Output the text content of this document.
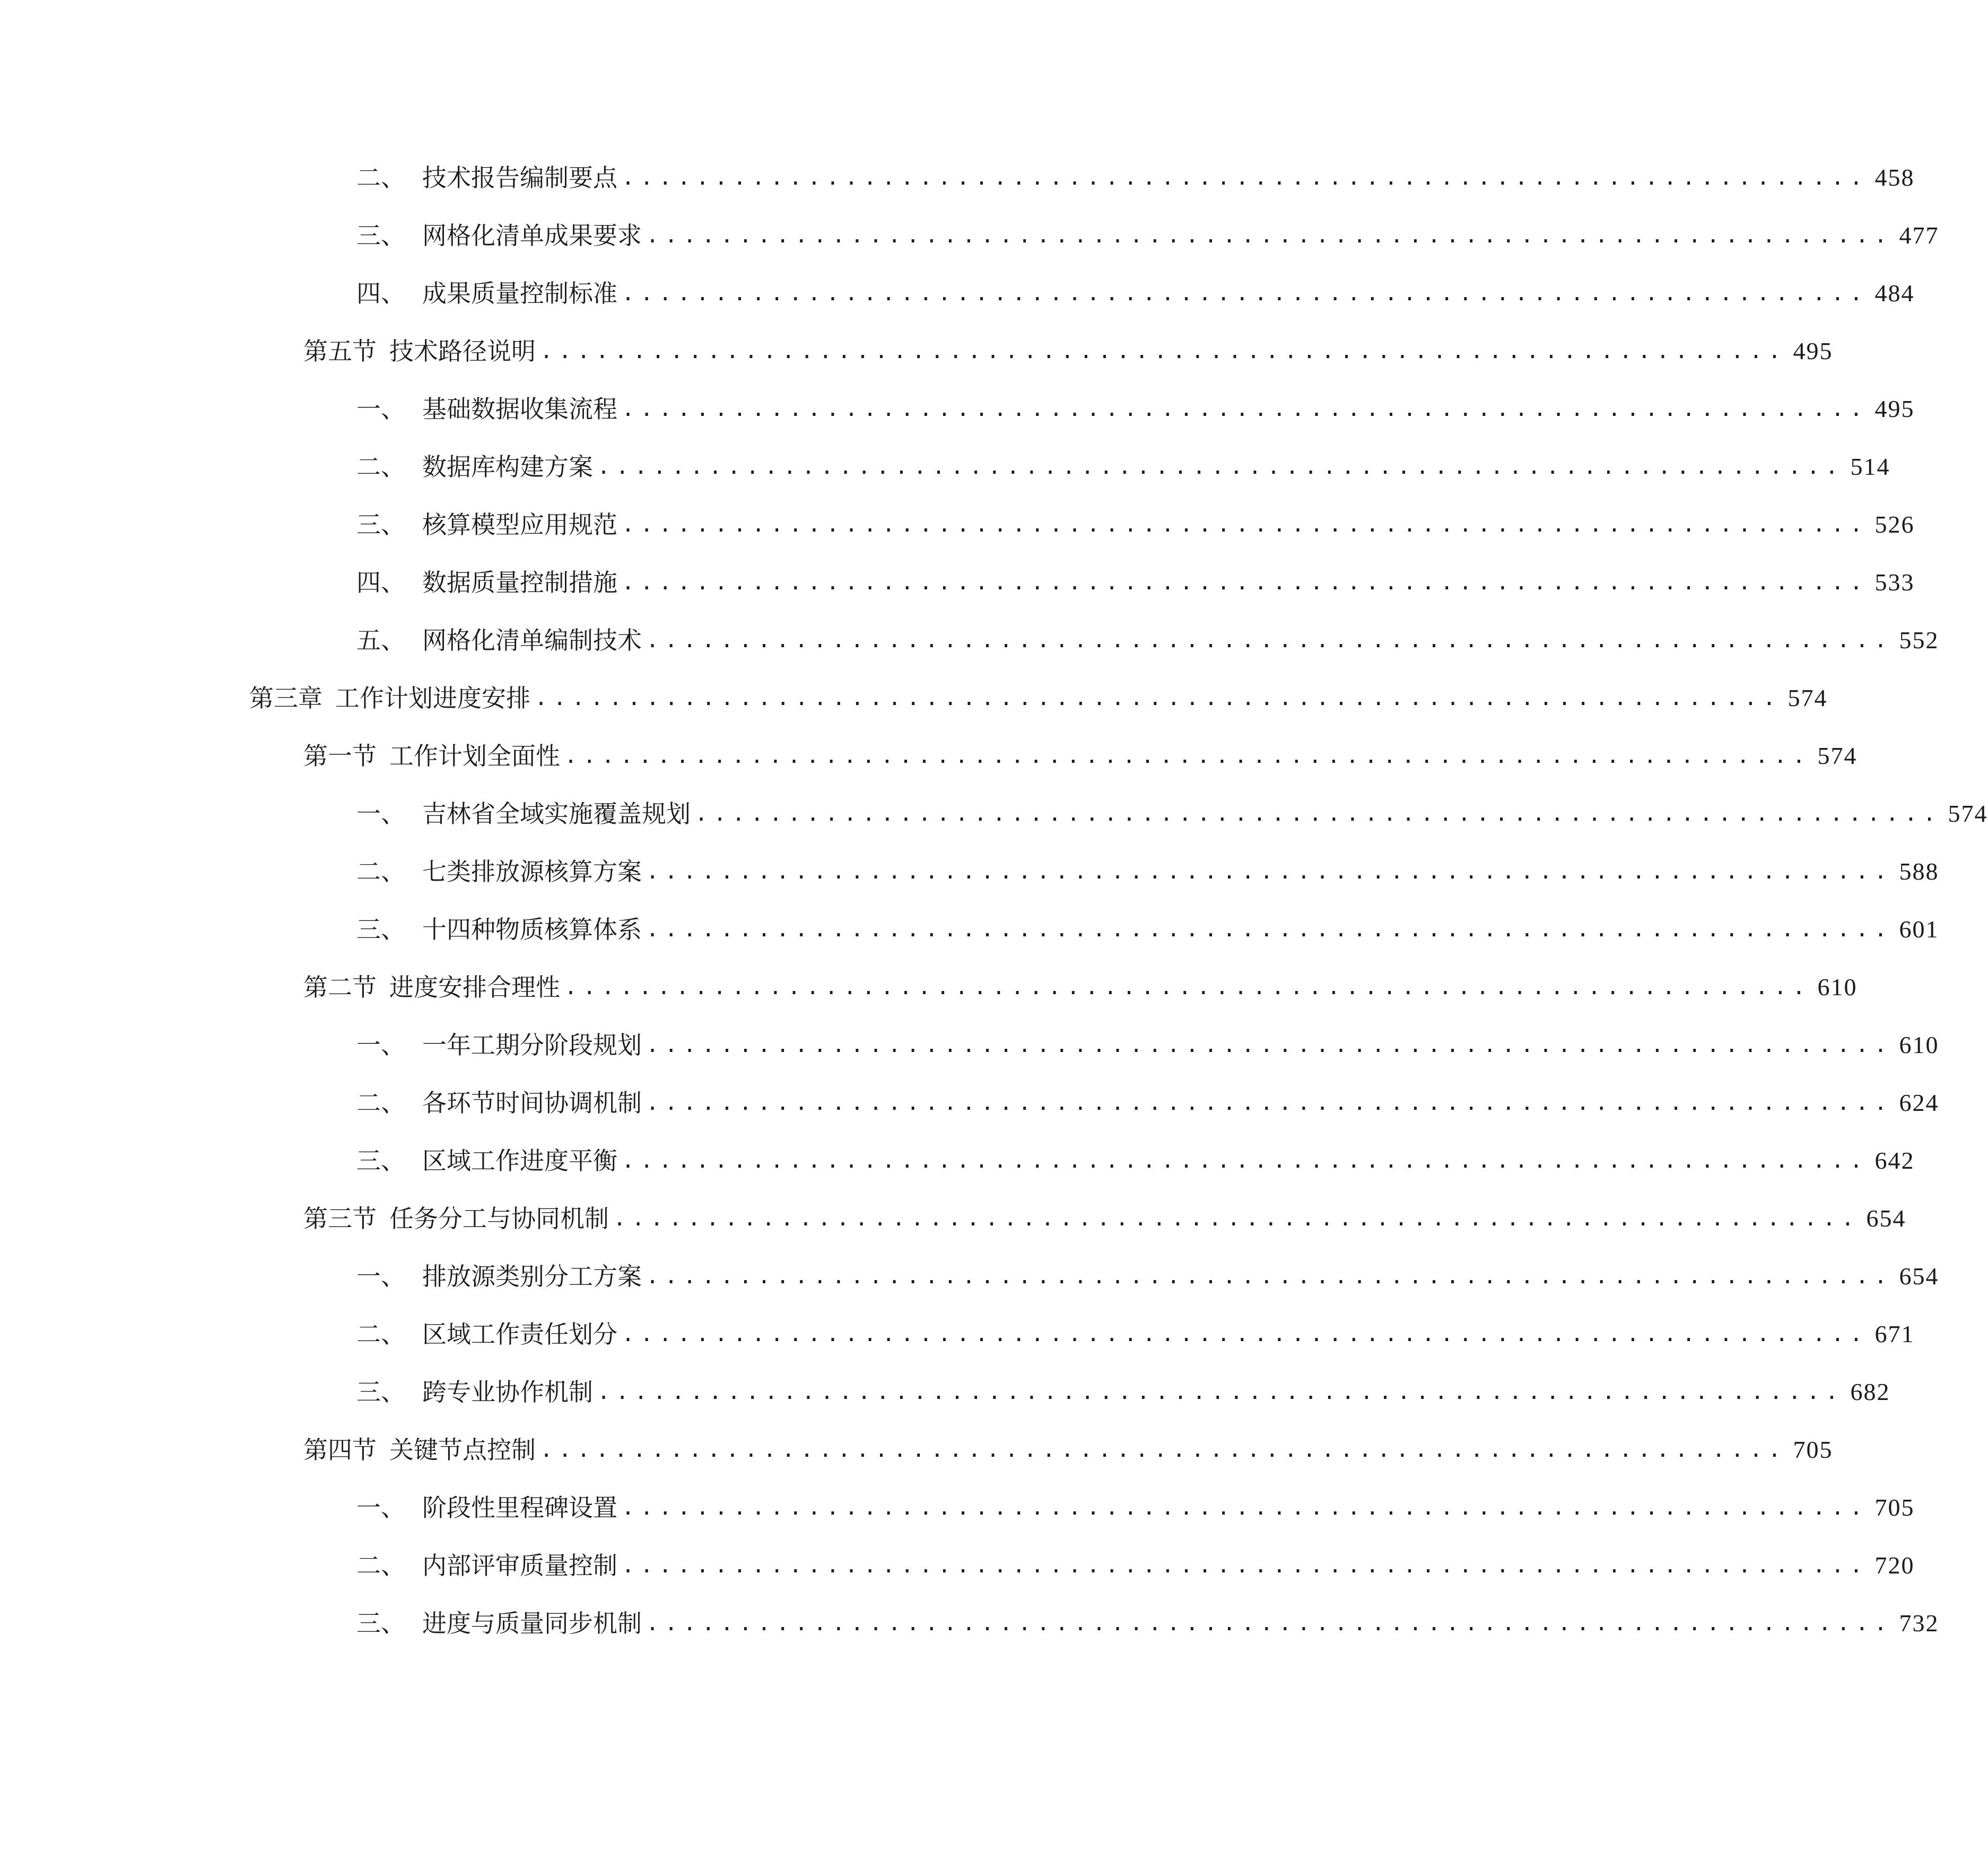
二、 技术报告编制要点 ................................................................... 458
三、 网格化清单成果要求 ................................................................... 477
四、 成果质量控制标准 ................................................................... 484
第五节 技术路径说明 ................................................................... 495
一、 基础数据收集流程 ................................................................... 495
二、 数据库构建方案 ................................................................... 514
三、 核算模型应用规范 ................................................................... 526
四、 数据质量控制措施 ................................................................... 533
五、 网格化清单编制技术 ................................................................... 552
第三章 工作计划进度安排 ................................................................... 574
第一节 工作计划全面性 ................................................................... 574
一、 吉林省全域实施覆盖规划 ................................................................... 574
二、 七类排放源核算方案 ................................................................... 588
三、 十四种物质核算体系 ................................................................... 601
第二节 进度安排合理性 ................................................................... 610
一、 一年工期分阶段规划 ................................................................... 610
二、 各环节时间协调机制 ................................................................... 624
三、 区域工作进度平衡 ................................................................... 642
第三节 任务分工与协同机制 ................................................................... 654
一、 排放源类别分工方案 ................................................................... 654
二、 区域工作责任划分 ................................................................... 671
三、 跨专业协作机制 ................................................................... 682
第四节 关键节点控制 ................................................................... 705
一、 阶段性里程碑设置 ................................................................... 705
二、 内部评审质量控制 ................................................................... 720
三、 进度与质量同步机制 ................................................................... 732
